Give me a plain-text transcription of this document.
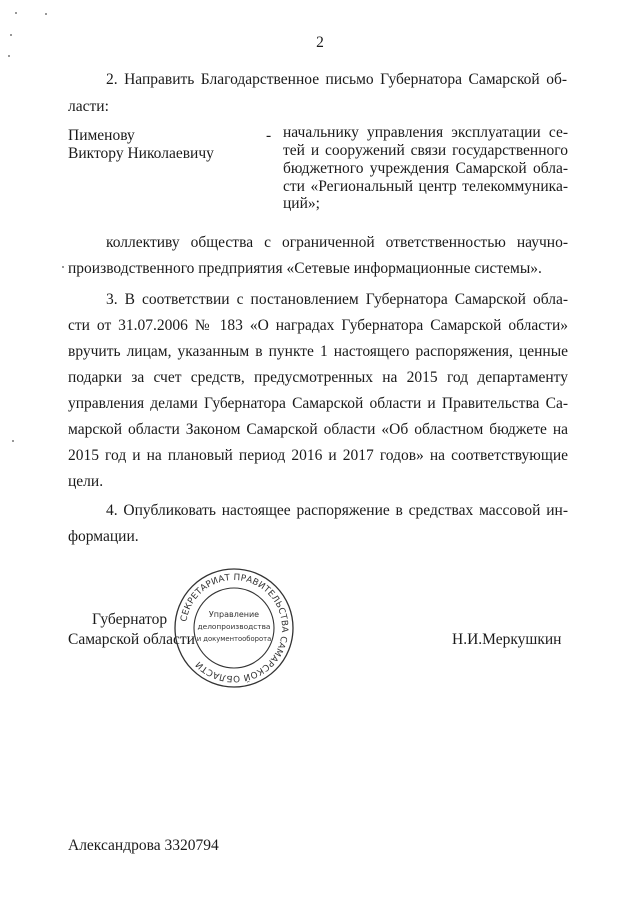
2
2. Направить Благодарственное письмо Губернатора Самарской об-
ласти:
Пименову
Виктору Николаевичу
- начальнику управления эксплуатации се-
тей и сооружений связи государственного
бюджетного учреждения Самарской обла-
сти «Региональный центр телекоммуника-
ций»;
коллективу общества с ограниченной ответственностью научно-
производственного предприятия «Сетевые информационные системы».
3. В соответствии с постановлением Губернатора Самарской обла-
сти от 31.07.2006 № 183 «О наградах Губернатора Самарской области»
вручить лицам, указанным в пункте 1 настоящего распоряжения, ценные
подарки за счет средств, предусмотренных на 2015 год департаменту
управления делами Губернатора Самарской области и Правительства Са-
марской области Законом Самарской области «Об областном бюджете на
2015 год и на плановый период 2016 и 2017 годов» на соответствующие
цели.
4. Опубликовать настоящее распоряжение в средствах массовой ин-
формации.
Губернатор
Самарской области	Н.И.Меркушкин
СЕКРЕТАРИАТ ПРАВИТЕЛЬСТВА САМАРСКОЙ ОБЛАСТИ
Управление
делопроизводства
и документооборота
Александрова 3320794
